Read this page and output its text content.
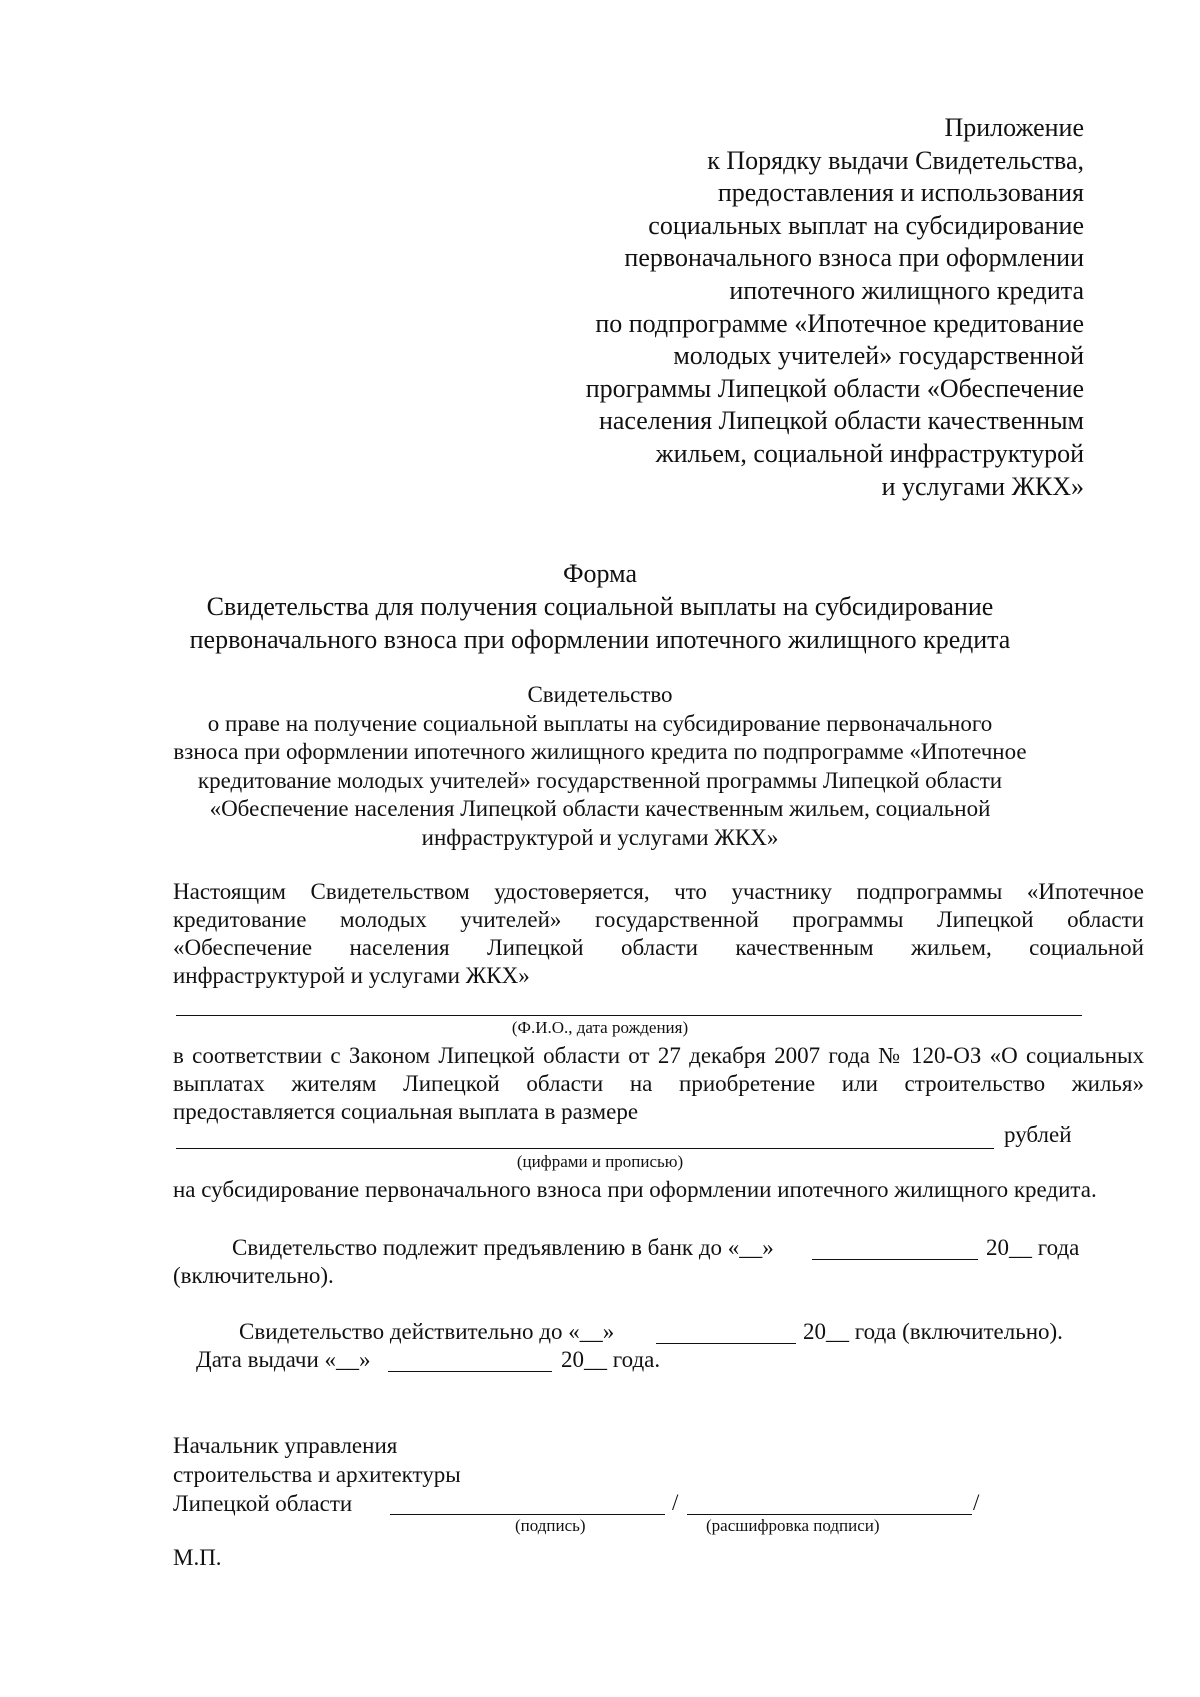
Приложение
к Порядку выдачи Свидетельства,
предоставления и использования
социальных выплат на субсидирование
первоначального взноса при оформлении
ипотечного жилищного кредита
по подпрограмме «Ипотечное кредитование
молодых учителей» государственной
программы Липецкой области «Обеспечение
населения Липецкой области качественным
жильем, социальной инфраструктурой
и услугами ЖКХ»
Форма
Свидетельства для получения социальной выплаты на субсидирование
первоначального взноса при оформлении ипотечного жилищного кредита
Свидетельство
о праве на получение социальной выплаты на субсидирование первоначального
взноса при оформлении ипотечного жилищного кредита по подпрограмме «Ипотечное
кредитование молодых учителей» государственной программы Липецкой области
«Обеспечение населения Липецкой области качественным жильем, социальной
инфраструктурой и услугами ЖКХ»
Настоящим Свидетельством удостоверяется, что участнику подпрограммы «Ипотечное
кредитование молодых учителей» государственной программы Липецкой области
«Обеспечение населения Липецкой области качественным жильем, социальной
инфраструктурой и услугами ЖКХ»
(Ф.И.О., дата рождения)
в соответствии с Законом Липецкой области от 27 декабря 2007 года № 120-ОЗ «О социальных
выплатах жителям Липецкой области на приобретение или строительство жилья»
предоставляется социальная выплата в размере
рублей
(цифрами и прописью)
на субсидирование первоначального взноса при оформлении ипотечного жилищного кредита.
Свидетельство подлежит предъявлению в банк до «__»	20__ года
(включительно).
Свидетельство действительно до «__»	20__ года (включительно).
Дата выдачи «__»	20__ года.
Начальник управления
строительства и архитектуры
Липецкой области	/	/
(подпись)	(расшифровка подписи)
М.П.
